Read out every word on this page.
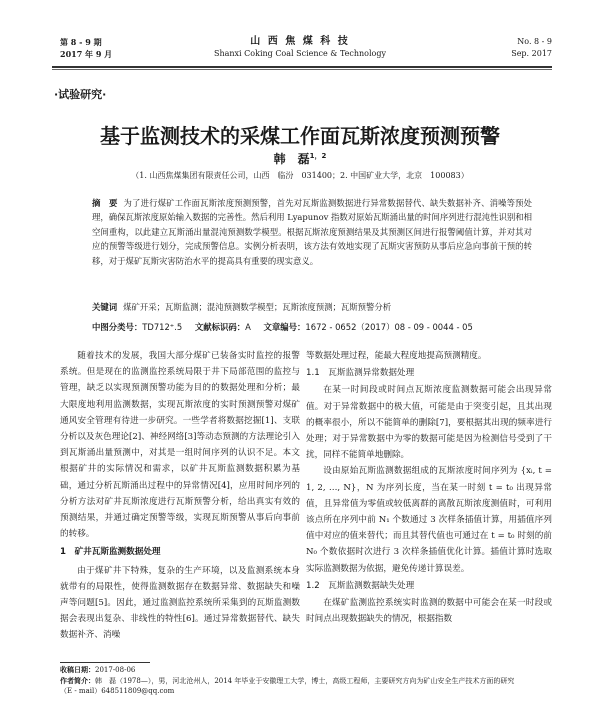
第 8 - 9 期
2017 年 9 月
山 西 焦 煤 科 技
Shanxi Coking Coal Science & Technology
No. 8 - 9
Sep. 2017
·试验研究·
基于监测技术的采煤工作面瓦斯浓度预测预警
韩　磊$^{1,2}$
（1. 山西焦煤集团有限责任公司，山西　临汾　031400；2. 中国矿业大学，北京　100083）
摘　要 为了进行煤矿工作面瓦斯浓度预测预警，首先对瓦斯监测数据进行异常数据替代、缺失数据补齐、消噪等预处理，确保瓦斯浓度原始输入数据的完善性。然后利用 Lyapunov 指数对原始瓦斯涌出量的时间序列进行混沌性识别和相空间重构，以此建立瓦斯涌出量混沌预测数学模型。根据瓦斯浓度预测结果及其预测区间进行报警阈值计算，并对其对应的预警等级进行划分，完成预警信息。实例分析表明，该方法有效地实现了瓦斯灾害预防从事后应急向事前干预的转移，对于煤矿瓦斯灾害防治水平的提高具有重要的现实意义。
关键词 煤矿开采；瓦斯监测；混沌预测数学模型；瓦斯浓度预测；瓦斯预警分析
中图分类号：TD712⁺.5 文献标识码：A 文章编号：1672 - 0652（2017）08 - 09 - 0044 - 05

随着技术的发展，我国大部分煤矿已装备实时监控的报警系统。但是现在的监测监控系统局限于井下局部范围的监控与管理，缺乏以实现预测预警功能为目的的数据处理和分析；最大限度地利用监测数据，实现瓦斯浓度的实时预测预警对煤矿通风安全管理有待进一步研究。一些学者将数据挖掘[1]、支联分析以及灰色理论[2]、神经网络[3]等动态预测的方法理论引入到瓦斯涌出量预测中，对其是一组时间序列的认识不足。本文根据矿井的实际情况和需求，以矿井瓦斯监测数据积累为基础，通过分析瓦斯涌出过程中的异常情况[4]，应用时间序列的分析方法对矿井瓦斯浓度进行瓦斯预警分析，给出真实有效的预测结果，并通过确定预警等级，实现瓦斯预警从事后向事前的转移。

1　矿井瓦斯监测数据处理

由于煤矿井下特殊，复杂的生产环境，以及监测系统本身就带有的局限性，使得监测数据存在数据异常、数据缺失和噪声等问题[5]。因此，通过监测监控系统所采集到的瓦斯监测数据会表现出复杂、非线性的特性[6]。通过异常数据替代、缺失数据补齐、消噪

等数据处理过程，能最大程度地提高预测精度。

1.1　瓦斯监测异常数据处理

在某一时间段或时间点瓦斯浓度监测数据可能会出现异常值。对于异常数据中的极大值，可能是由于突变引起，且其出现的概率很小，所以不能简单的删除[7]，要根据其出现的频率进行处理；对于异常数据中为零的数据可能是因为检测信号受到了干扰，同样不能简单地删除。

设由原始瓦斯监测数据组成的瓦斯浓度时间序列为 {xᵢ, t = 1, 2, …, N}，N 为序列长度，当在某一时刻 t = t₀ 出现异常值，且异常值为零值或较低离群的离散瓦斯浓度测值时，可利用该点所在序列中前 N₁ 个数通过 3 次样条插值计算，用插值序列值中对应的值来替代；而且其替代值也可通过在 t = t₀ 时刻的前 N₀ 个数依据时次进行 3 次样条插值优化计算。插值计算时选取实际监测数据为依据，避免传递计算误差。

1.2　瓦斯监测数据缺失处理

在煤矿监测监控系统实时监测的数据中可能会在某一时段或时间点出现数据缺失的情况，根据指数

收稿日期：2017-08-06
作者简介：韩　磊（1978—），男，河北沧州人，2014 年毕业于安徽理工大学，博士，高级工程师，主要研究方向为矿山安全生产技术方面的研究
（E - mail）648511809@qq.com
